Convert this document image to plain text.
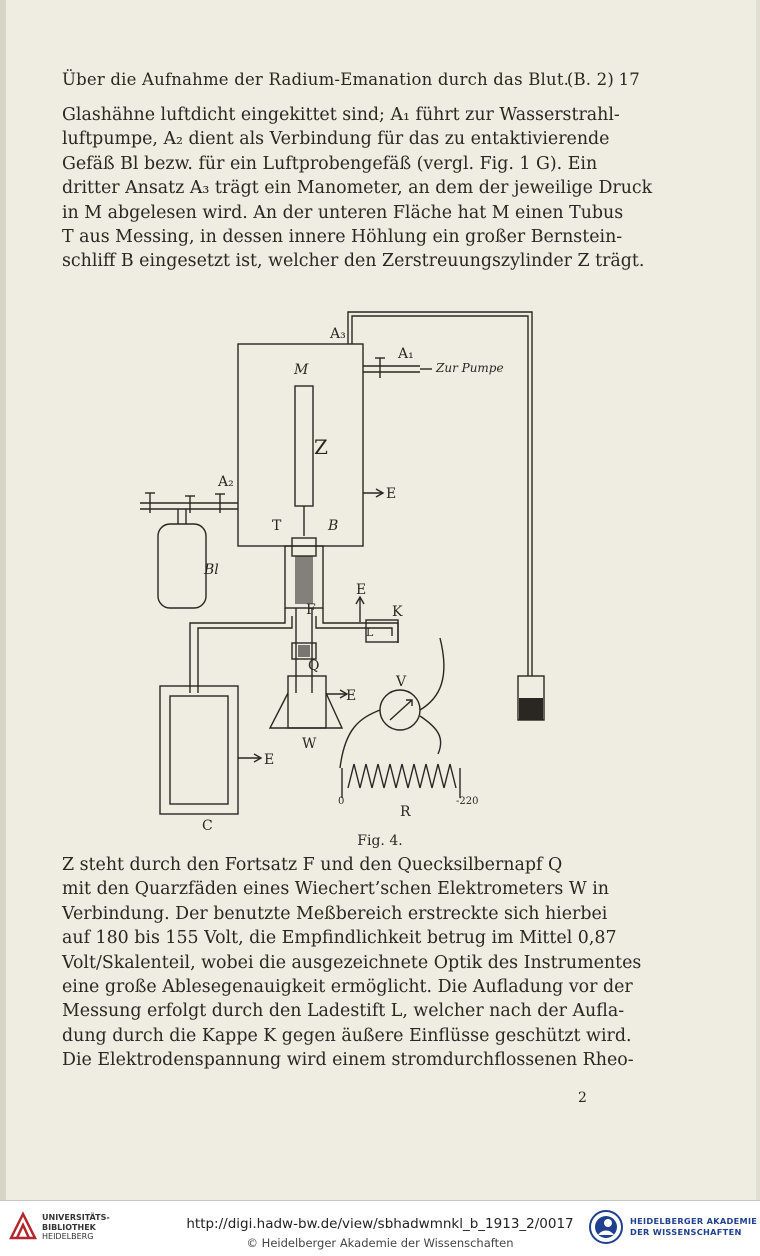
Über die Aufnahme der Radium-Emanation durch das Blut.
(B. 2) 17
Glashähne luftdicht eingekittet sind; A₁ führt zur Wasserstrahl-
luftpumpe, A₂ dient als Verbindung für das zu entaktivierende
Gefäß Bl bezw. für ein Luftprobengefäß (vergl. Fig. 1 G). Ein
dritter Ansatz A₃ trägt ein Manometer, an dem der jeweilige Druck
in M abgelesen wird. An der unteren Fläche hat M einen Tubus
T aus Messing, in dessen innere Höhlung ein großer Bernstein-
schliff B eingesetzt ist, welcher den Zerstreuungszylinder Z trägt.
A₃
A₁
Zur Pumpe
M
Z
E
A₂
T	B
Bl
F
E
K
L
Q
E
V
W
E
C
R
0	-220
Fig. 4.
Z steht durch den Fortsatz F und den Quecksilbernapf Q
mit den Quarzfäden eines Wiechert’schen Elektrometers W in
Verbindung. Der benutzte Meßbereich erstreckte sich hierbei
auf 180 bis 155 Volt, die Empfindlichkeit betrug im Mittel 0,87
Volt/Skalenteil, wobei die ausgezeichnete Optik des Instrumentes
eine große Ablesegenauigkeit ermöglicht. Die Aufladung vor der
Messung erfolgt durch den Ladestift L, welcher nach der Aufla-
dung durch die Kappe K gegen äußere Einflüsse geschützt wird.
Die Elektrodenspannung wird einem stromdurchflossenen Rheo-
2
UNIVERSITÄTS-
BIBLIOTHEK
HEIDELBERG
http://digi.hadw-bw.de/view/sbhadwmnkl_b_1913_2/0017
© Heidelberger Akademie der Wissenschaften
HEIDELBERGER AKADEMIE
DER WISSENSCHAFTEN
